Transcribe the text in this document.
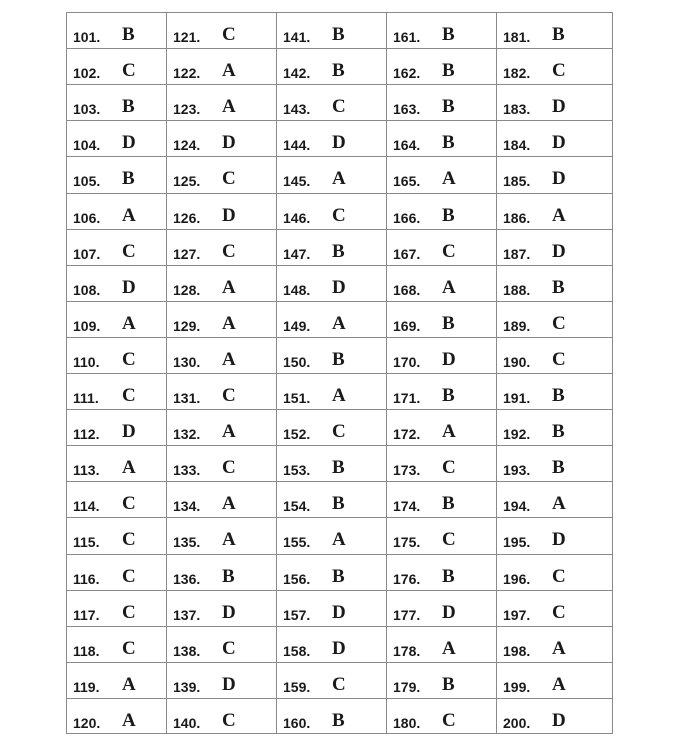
101. B
102. C
103. B
104. D
105. B
106. A
107. C
108. D
109. A
110. C
111. C
112. D
113. A
114. C
115. C
116. C
117. C
118. C
119. A
120. A
121. C
122. A
123. A
124. D
125. C
126. D
127. C
128. A
129. A
130. A
131. C
132. A
133. C
134. A
135. A
136. B
137. D
138. C
139. D
140. C
141. B
142. B
143. C
144. D
145. A
146. C
147. B
148. D
149. A
150. B
151. A
152. C
153. B
154. B
155. A
156. B
157. D
158. D
159. C
160. B
161. B
162. B
163. B
164. B
165. A
166. B
167. C
168. A
169. B
170. D
171. B
172. A
173. C
174. B
175. C
176. B
177. D
178. A
179. B
180. C
181. B
182. C
183. D
184. D
185. D
186. A
187. D
188. B
189. C
190. C
191. B
192. B
193. B
194. A
195. D
196. C
197. C
198. A
199. A
200. D
